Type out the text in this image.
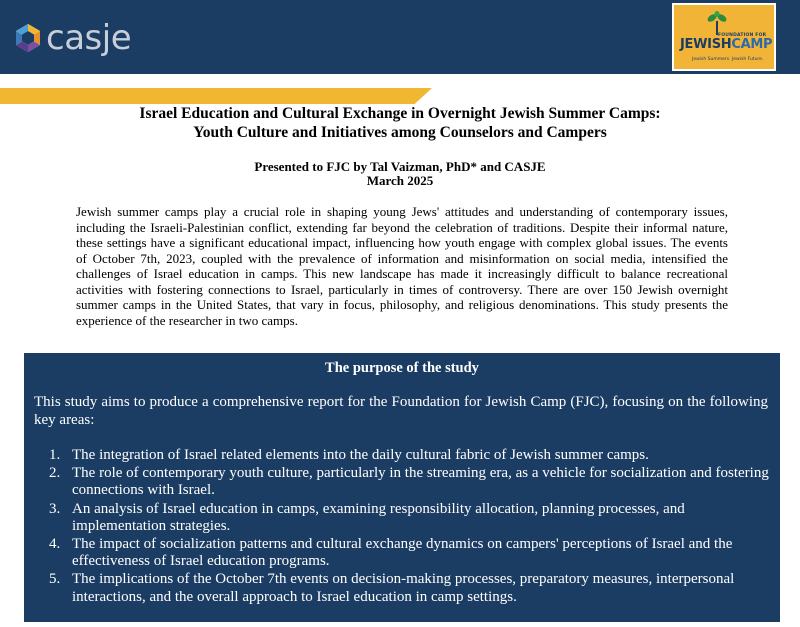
casje	FOUNDATION FOR
JEWISHCAMP
Jewish Summers. Jewish Future.
Israel Education and Cultural Exchange in Overnight Jewish Summer Camps:
Youth Culture and Initiatives among Counselors and Campers
Presented to FJC by Tal Vaizman, PhD* and CASJE
March 2025

Jewish summer camps play a crucial role in shaping young Jews' attitudes and understanding of contemporary issues, including the Israeli-Palestinian conflict, extending far beyond the celebration of traditions. Despite their informal nature, these settings have a significant educational impact, influencing how youth engage with complex global issues. The events of October 7th, 2023, coupled with the prevalence of information and misinformation on social media, intensified the challenges of Israel education in camps. This new landscape has made it increasingly difficult to balance recreational activities with fostering connections to Israel, particularly in times of controversy. There are over 150 Jewish overnight summer camps in the United States, that vary in focus, philosophy, and religious denominations. This study presents the experience of the researcher in two camps.

The purpose of the study

This study aims to produce a comprehensive report for the Foundation for Jewish Camp (FJC), focusing on the following key areas:

1. The integration of Israel related elements into the daily cultural fabric of Jewish summer camps.
2. The role of contemporary youth culture, particularly in the streaming era, as a vehicle for socialization and fostering connections with Israel.
3. An analysis of Israel education in camps, examining responsibility allocation, planning processes, and implementation strategies.
4. The impact of socialization patterns and cultural exchange dynamics on campers' perceptions of Israel and the effectiveness of Israel education programs.
5. The implications of the October 7th events on decision-making processes, preparatory measures, interpersonal interactions, and the overall approach to Israel education in camp settings.
